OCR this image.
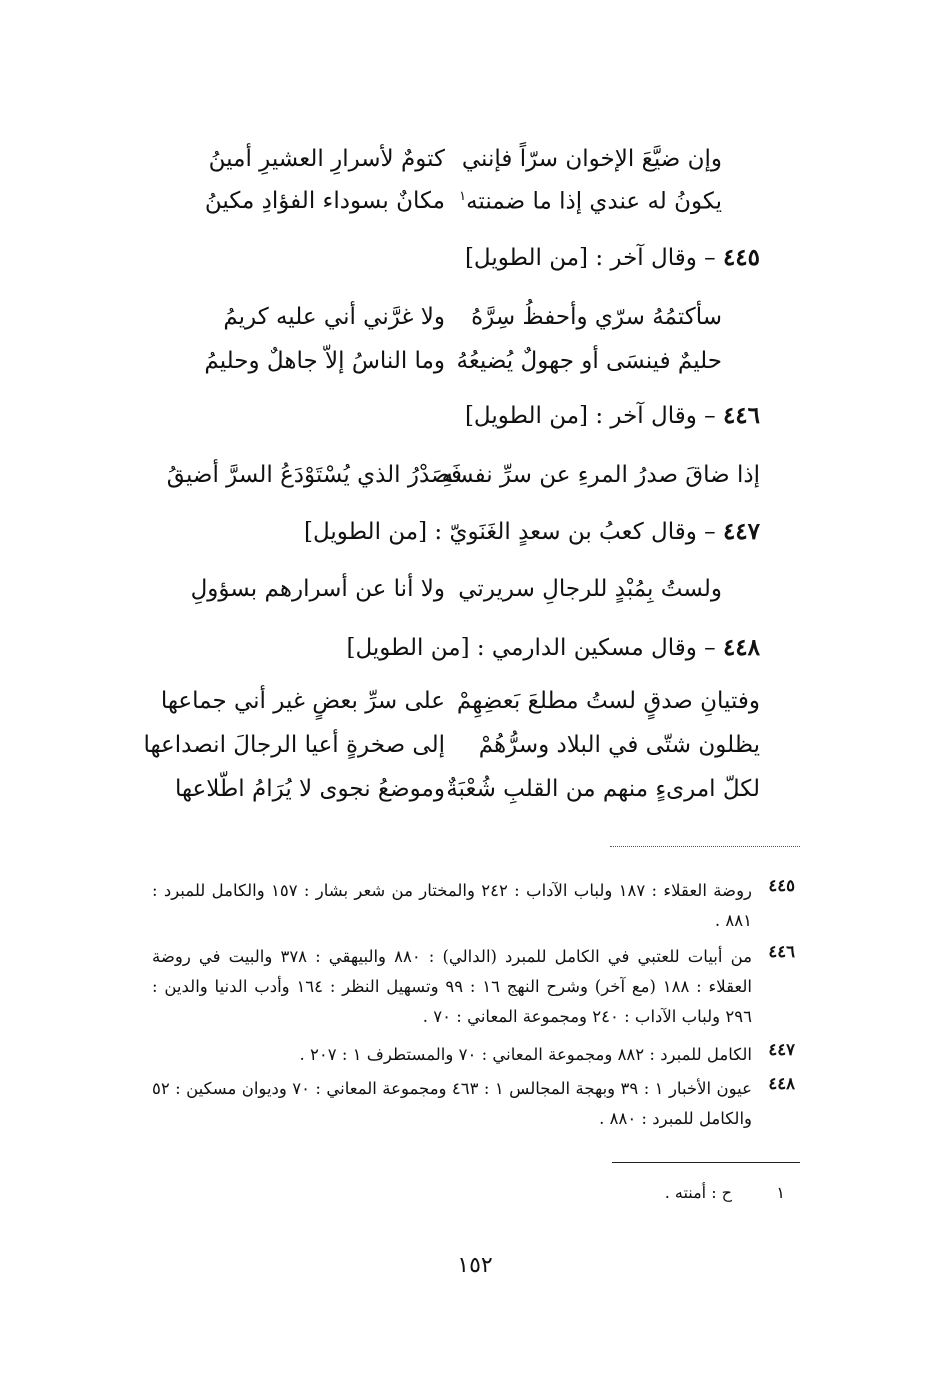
وإن ضيَّعَ الإخوان سرّاً فإنني
كتومٌ لأسرارِ العشيرِ أمينُ
يكونُ له عندي إذا ما ضمنته$^١$
مكانٌ بسوداء الفؤادِ مكينُ
٤٤٥ – وقال آخر : [من الطويل]
سأكتمُهُ سرّي وأحفظُ سِرَّهُ
ولا غرَّني أني عليه كريمُ
حليمٌ فينسَى أو جهولٌ يُضيعُهُ
وما الناسُ إلاّ جاهلٌ وحليمُ
٤٤٦ – وقال آخر : [من الطويل]
إذا ضاقَ صدرُ المرءِ عن سرِّ نفسهِ
فَصَدْرُ الذي يُسْتَوْدَعُ السرَّ أضيقُ
٤٤٧ – وقال كعبُ بن سعدٍ الغَنَويّ : [من الطويل]
ولستُ بِمُبْدٍ للرجالِ سريرتي
ولا أنا عن أسرارهم بسؤولِ
٤٤٨ – وقال مسكين الدارمي : [من الطويل]
وفتيانِ صدقٍ لستُ مطلعَ بَعضِهِمْ
على سرِّ بعضٍ غير أني جماعها
يظلون شتّى في البلاد وسرُّهُمْ
إلى صخرةٍ أعيا الرجالَ انصداعها
لكلّ امرىءٍ منهم من القلبِ شُعْبَةٌ
وموضعُ نجوى لا يُرَامُ اطّلاعها
٤٤٥
روضة العقلاء : ١٨٧ ولباب الآداب : ٢٤٢ والمختار من شعر بشار : ١٥٧ والكامل للمبرد : ٨٨١ .
٤٤٦
من أبيات للعتبي في الكامل للمبرد (الدالي) : ٨٨٠ والبيهقي : ٣٧٨ والبيت في روضة العقلاء : ١٨٨ (مع آخر) وشرح النهج ١٦ : ٩٩ وتسهيل النظر : ١٦٤ وأدب الدنيا والدين : ٢٩٦ ولباب الآداب : ٢٤٠ ومجموعة المعاني : ٧٠ .
٤٤٧
الكامل للمبرد : ٨٨٢ ومجموعة المعاني : ٧٠ والمستطرف ١ : ٢٠٧ .
٤٤٨
عيون الأخبار ١ : ٣٩ وبهجة المجالس ١ : ٤٦٣ ومجموعة المعاني : ٧٠ وديوان مسكين : ٥٢ والكامل للمبرد : ٨٨٠ .
١
ح : أمنته .
١٥٢
